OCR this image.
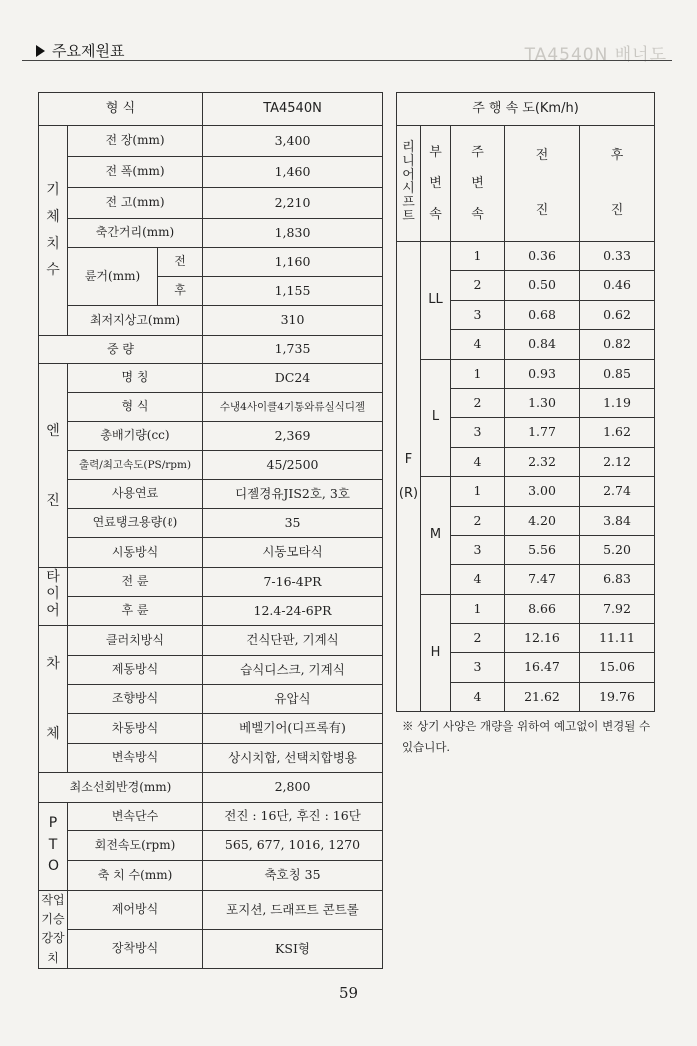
주요제원표	TA4540N 배너도
형 식			TA4540N
기체치수	전 장(mm)		3,400
	전 폭(mm)		1,460
	전 고(mm)		2,210
	축간거리(mm)		1,830
	륜거(mm)	전	1,160
		후	1,155
	최저지상고(mm)		310
중 량			1,735
엔진	명 칭		DC24
	형 식		수냉4사이클4기통와류실식디젤
	총배기량(cc)		2,369
	출력/최고속도(PS/rpm)		45/2500
	사용연료		디젤경유JIS2호, 3호
	연료탱크용량(ℓ)		35
	시동방식		시동모타식
타이어	전 륜		7-16-4PR
	후 륜		12.4-24-6PR
차체	클러치방식		건식단판, 기계식
	제동방식		습식디스크, 기계식
	조향방식		유압식
	차동방식		베벨기어(디프록有)
	변속방식		상시치합, 선택치합병용
최소선회반경(mm)			2,800
PTO	변속단수		전진 : 16단, 후진 : 16단
	회전속도(rpm)		565, 677, 1016, 1270
	축 치 수(mm)		축호칭 35
작업기승강장치	제어방식		포지션, 드래프트 콘트롤
	장착방식		KSI형
주 행 속 도(Km/h)				
리니어시프트	부변속	주변속	전진	후진

F
(R)	LL	1	0.36	0.33
		2	0.50	0.46
		3	0.68	0.62
		4	0.84	0.82
	L	1	0.93	0.85
		2	1.30	1.19
		3	1.77	1.62
		4	2.32	2.12
	M	1	3.00	2.74
		2	4.20	3.84
		3	5.56	5.20
		4	7.47	6.83
	H	1	8.66	7.92
		2	12.16	11.11
		3	16.47	15.06
		4	21.62	19.76
※ 상기 사양은 개량을 위하여 예고없이 변경될 수 있습니다.
59
